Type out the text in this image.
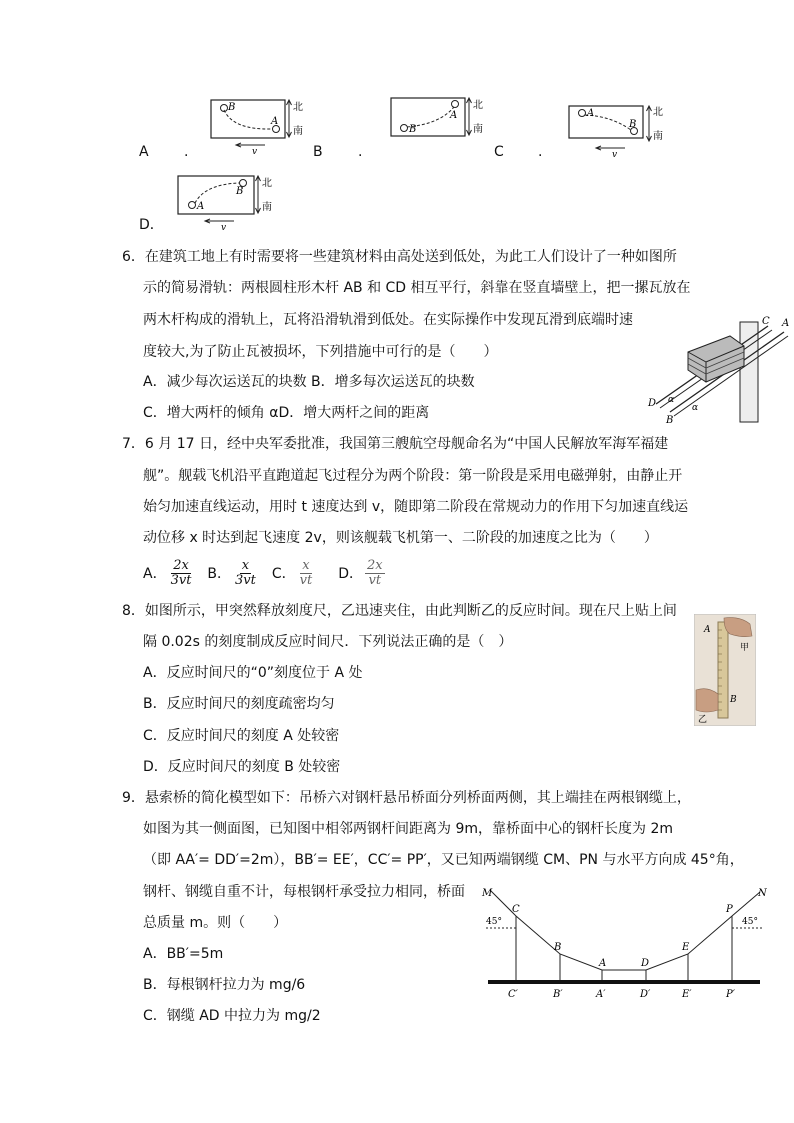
B
A
北
南
v
A	.
B
A
北
南
B	.
A
B
北
南
v
C .
A
B
北
南
v
D．
6．在建筑工地上有时需要将一些建筑材料由高处送到低处，为此工人们设计了一种如图所
示的简易滑轨：两根圆柱形木杆 AB 和 CD 相互平行，斜靠在竖直墙壁上，把一摞瓦放在
两木杆构成的滑轨上，瓦将沿滑轨滑到低处。在实际操作中发现瓦滑到底端时速
度较大,为了防止瓦被损坏，下列措施中可行的是（　　）
A．减少每次运送瓦的块数 B．增多每次运送瓦的块数
C．增大两杆的倾角 αD．增大两杆之间的距离
C A
D
B
α
α
7．6 月 17 日，经中央军委批准，我国第三艘航空母舰命名为“中国人民解放军海军福建
舰”。舰载飞机沿平直跑道起飞过程分为两个阶段：第一阶段是采用电磁弹射，由静止开
始匀加速直线运动，用时 t 速度达到 v，随即第二阶段在常规动力的作用下匀加速直线运
动位移 x 时达到起飞速度 2v，则该舰载飞机第一、二阶段的加速度之比为（　　）
A． $\frac{2x}{3vt}$ B． $\frac{x}{3vt}$ C． $\frac{x}{vt}$ D． $\frac{2x}{vt}$
8．如图所示，甲突然释放刻度尺，乙迅速夹住，由此判断乙的反应时间。现在尺上贴上间
隔 0.02s 的刻度制成反应时间尺．下列说法正确的是（　）
A．反应时间尺的“0”刻度位于 A 处
B．反应时间尺的刻度疏密均匀
C．反应时间尺的刻度 A 处较密
D．反应时间尺的刻度 B 处较密
A
甲
B
乙
9．悬索桥的简化模型如下：吊桥六对钢杆悬吊桥面分列桥面两侧，其上端挂在两根钢缆上，
如图为其一侧面图，已知图中相邻两钢杆间距离为 9m，靠桥面中心的钢杆长度为 2m
（即 AA′= DD′=2m），BB′= EE′，CC′= PP′，又已知两端钢缆 CM、PN 与水平方向成 45°角，
钢杆、钢缆自重不计，每根钢杆承受拉力相同，桥面
总质量 m。则（　　）
A．BB′=5m
B．每根钢杆拉力为 mg/6
C．钢缆 AD 中拉力为 mg/2
M
C
B
A	D
E
P
N
C′	B′	A′	D′	E′	P′
45°	45°
